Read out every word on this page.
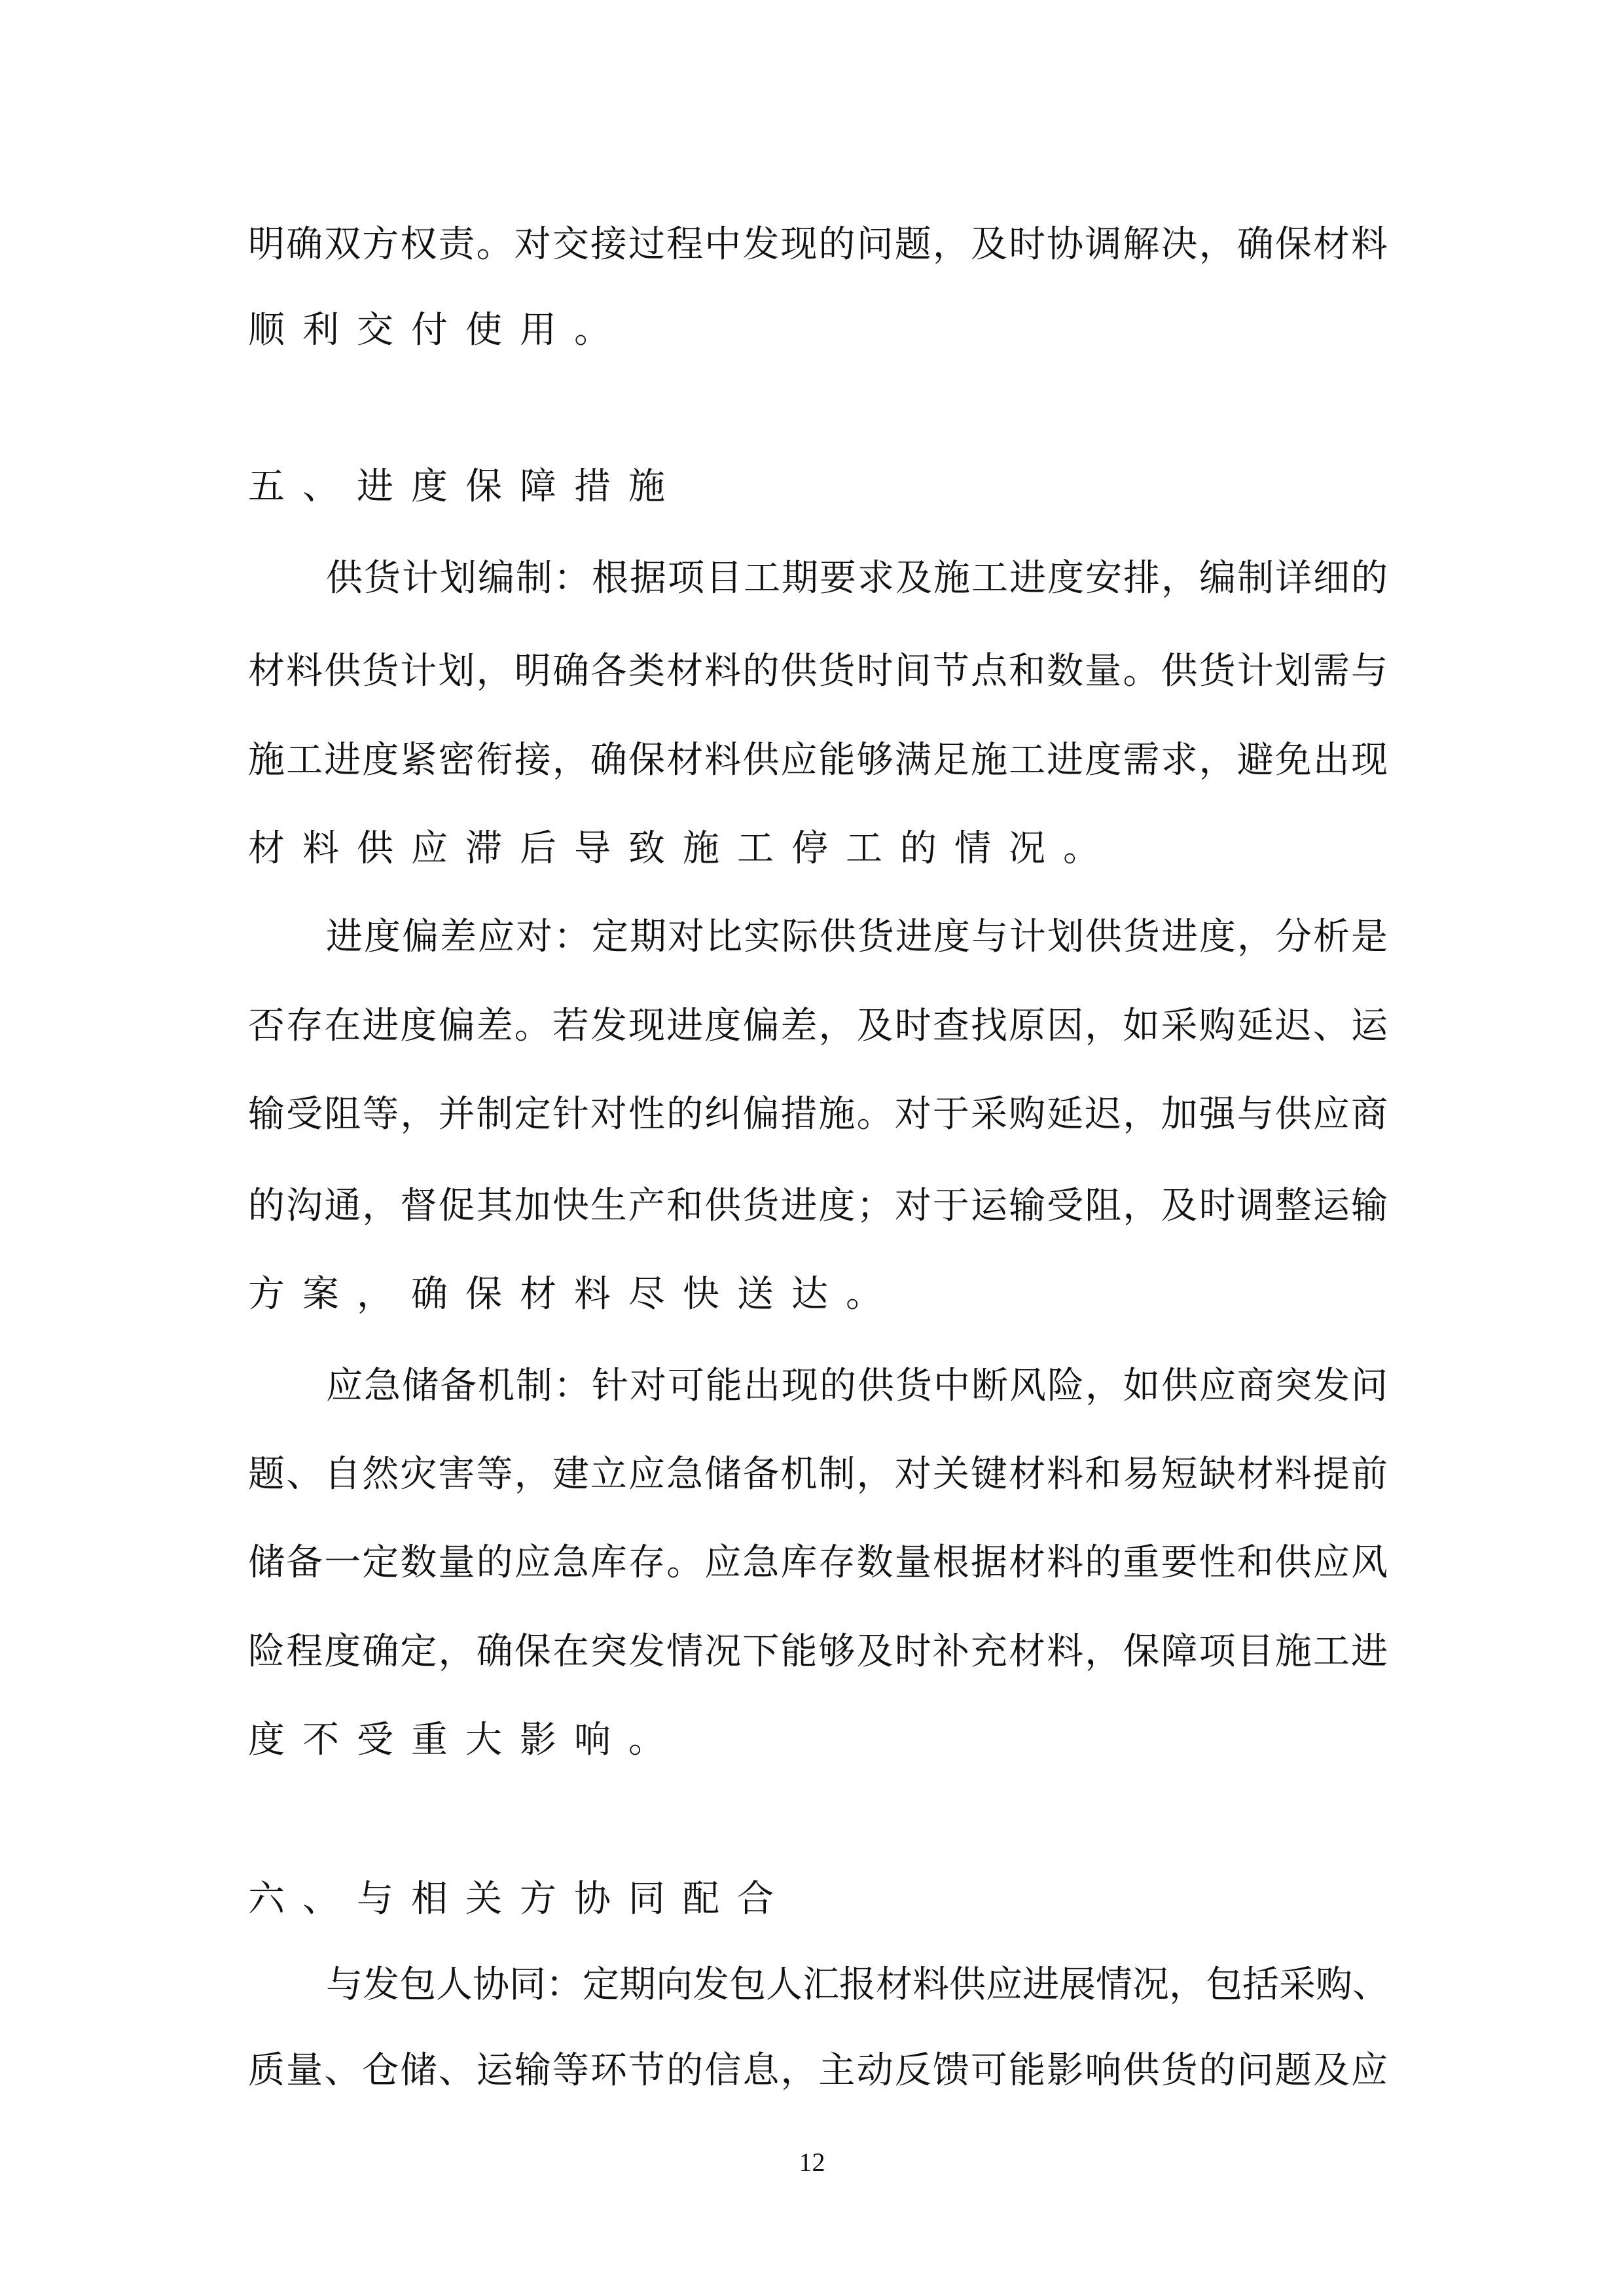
明确双方权责。对交接过程中发现的问题，及时协调解决，确保材料
顺利交付使用。
五、进度保障措施
供货计划编制：根据项目工期要求及施工进度安排，编制详细的
材料供货计划，明确各类材料的供货时间节点和数量。供货计划需与
施工进度紧密衔接，确保材料供应能够满足施工进度需求，避免出现
材料供应滞后导致施工停工的情况。
进度偏差应对：定期对比实际供货进度与计划供货进度，分析是
否存在进度偏差。若发现进度偏差，及时查找原因，如采购延迟、运
输受阻等，并制定针对性的纠偏措施。对于采购延迟，加强与供应商
的沟通，督促其加快生产和供货进度；对于运输受阻，及时调整运输
方案，确保材料尽快送达。
应急储备机制：针对可能出现的供货中断风险，如供应商突发问
题、自然灾害等，建立应急储备机制，对关键材料和易短缺材料提前
储备一定数量的应急库存。应急库存数量根据材料的重要性和供应风
险程度确定，确保在突发情况下能够及时补充材料，保障项目施工进
度不受重大影响。
六、与相关方协同配合
与发包人协同：定期向发包人汇报材料供应进展情况，包括采购、
质量、仓储、运输等环节的信息，主动反馈可能影响供货的问题及应
12
